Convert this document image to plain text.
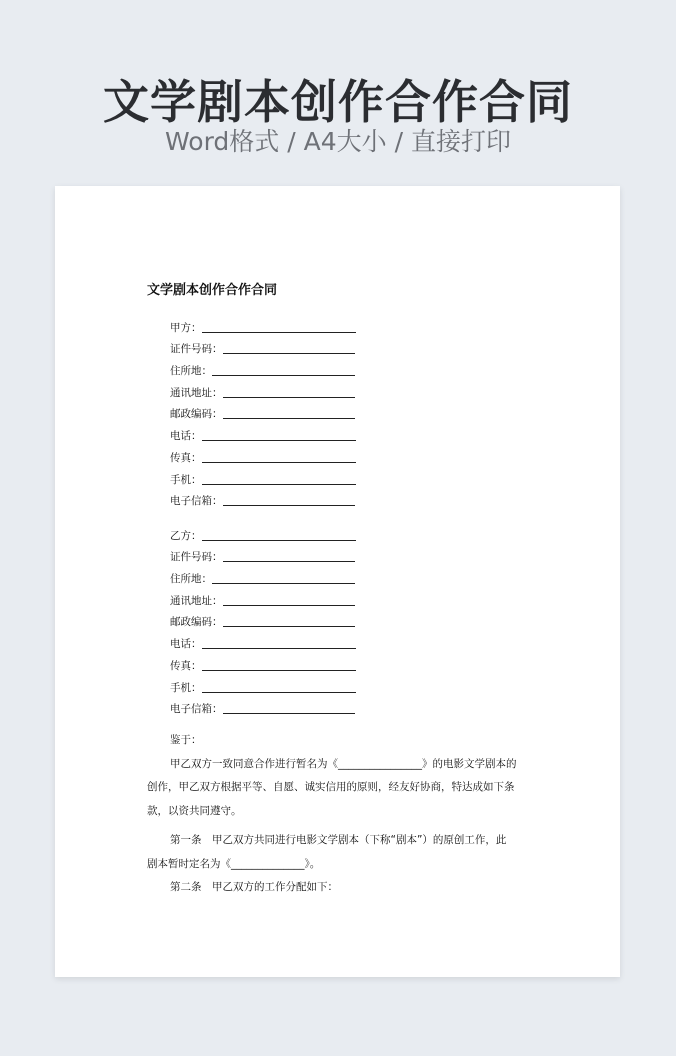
文学剧本创作合作合同
Word格式 / A4大小 / 直接打印
文学剧本创作合作合同
甲方：
证件号码：
住所地：
通讯地址：
邮政编码：
电话：
传真：
手机：
电子信箱：
乙方：
证件号码：
住所地：
通讯地址：
邮政编码：
电话：
传真：
手机：
电子信箱：
鉴于：
甲乙双方一致同意合作进行暂名为《________________》的电影文学剧本的
创作，甲乙双方根据平等、自愿、诚实信用的原则，经友好协商，特达成如下条
款，以资共同遵守。
第一条　甲乙双方共同进行电影文学剧本（下称“剧本”）的原创工作，此
剧本暂时定名为《______________》。
第二条　甲乙双方的工作分配如下：
